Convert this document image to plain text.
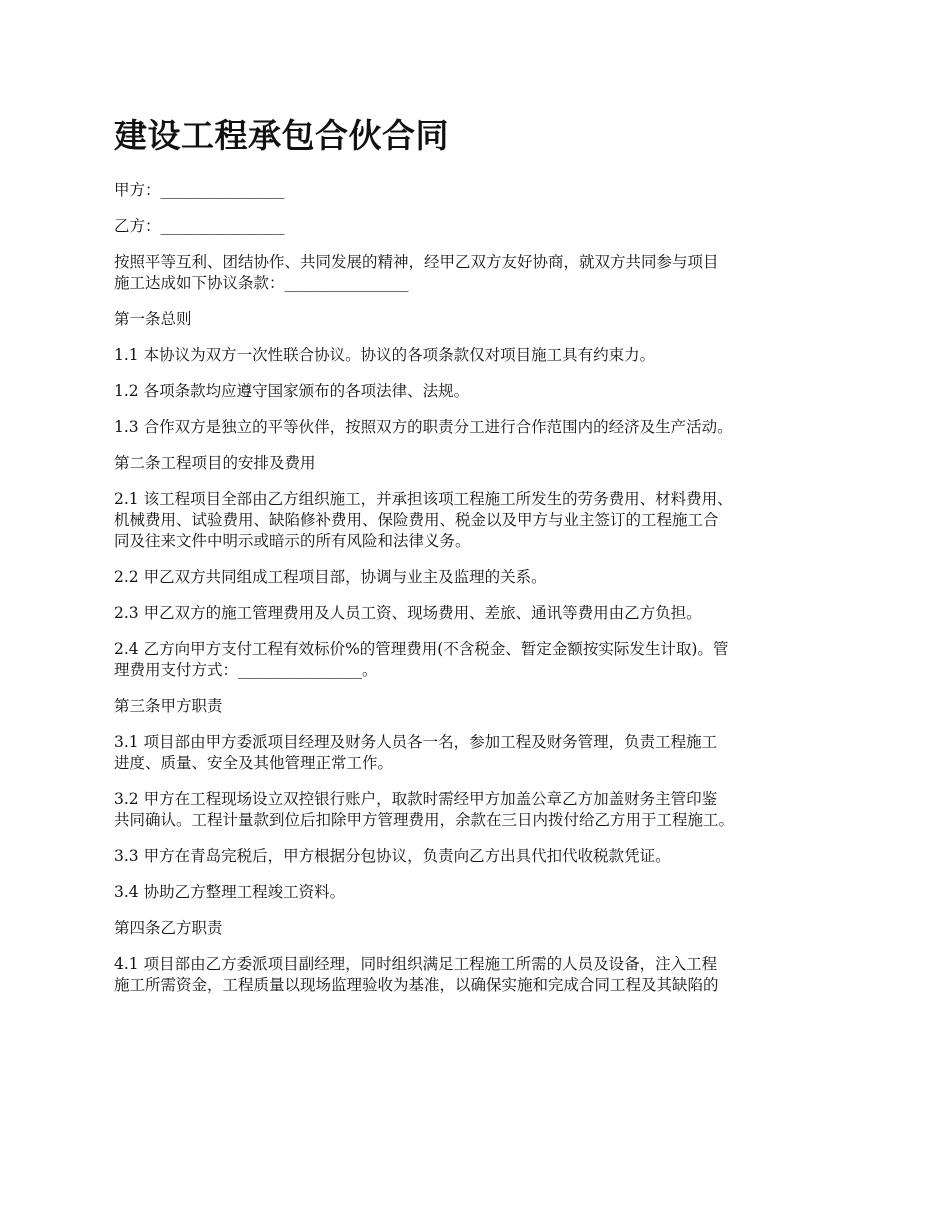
建设工程承包合伙合同
甲方：________________
乙方：________________
按照平等互利、团结协作、共同发展的精神，经甲乙双方友好协商，就双方共同参与项目
施工达成如下协议条款：________________
第一条总则
1.1 本协议为双方一次性联合协议。协议的各项条款仅对项目施工具有约束力。
1.2 各项条款均应遵守国家颁布的各项法律、法规。
1.3 合作双方是独立的平等伙伴，按照双方的职责分工进行合作范围内的经济及生产活动。
第二条工程项目的安排及费用
2.1 该工程项目全部由乙方组织施工，并承担该项工程施工所发生的劳务费用、材料费用、
机械费用、试验费用、缺陷修补费用、保险费用、税金以及甲方与业主签订的工程施工合
同及往来文件中明示或暗示的所有风险和法律义务。
2.2 甲乙双方共同组成工程项目部，协调与业主及监理的关系。
2.3 甲乙双方的施工管理费用及人员工资、现场费用、差旅、通讯等费用由乙方负担。
2.4 乙方向甲方支付工程有效标价%的管理费用(不含税金、暂定金额按实际发生计取)。管
理费用支付方式：________________。
第三条甲方职责
3.1 项目部由甲方委派项目经理及财务人员各一名，参加工程及财务管理，负责工程施工
进度、质量、安全及其他管理正常工作。
3.2 甲方在工程现场设立双控银行账户，取款时需经甲方加盖公章乙方加盖财务主管印鉴
共同确认。工程计量款到位后扣除甲方管理费用，余款在三日内拨付给乙方用于工程施工。
3.3 甲方在青岛完税后，甲方根据分包协议，负责向乙方出具代扣代收税款凭证。
3.4 协助乙方整理工程竣工资料。
第四条乙方职责
4.1 项目部由乙方委派项目副经理，同时组织满足工程施工所需的人员及设备，注入工程
施工所需资金，工程质量以现场监理验收为基准，以确保实施和完成合同工程及其缺陷的
